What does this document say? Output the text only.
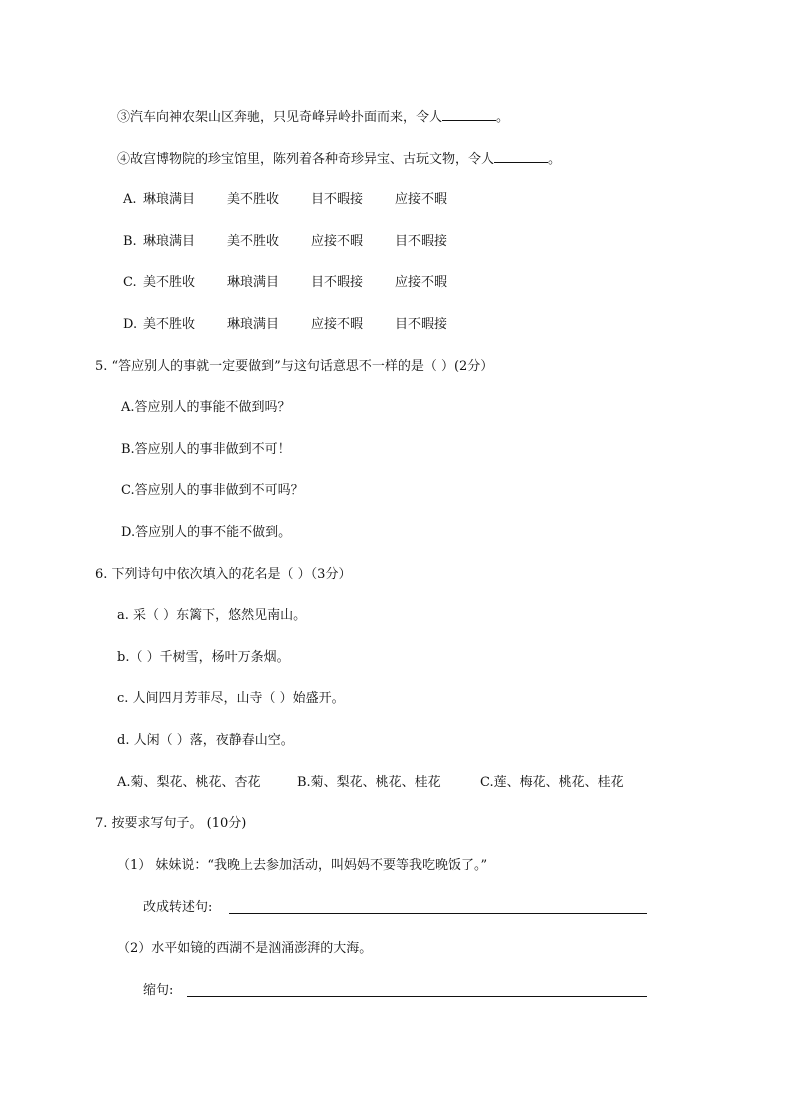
③汽车向神农架山区奔驰，只见奇峰异岭扑面而来，令人	。
④故宫博物院的珍宝馆里，陈列着各种奇珍异宝、古玩文物，令人	。
A. 琳琅满目 美不胜收 目不暇接 应接不暇
B. 琳琅满目 美不胜收 应接不暇 目不暇接
C. 美不胜收 琳琅满目 目不暇接 应接不暇
D. 美不胜收 琳琅满目 应接不暇 目不暇接
5. “答应别人的事就一定要做到”与这句话意思不一样的是（ ）(2分）
A.答应别人的事能不做到吗？
B.答应别人的事非做到不可！
C.答应别人的事非做到不可吗？
D.答应别人的事不能不做到。
6. 下列诗句中依次填入的花名是（ ）（3分）
a. 采（ ）东篱下，悠然见南山。
b.（ ）千树雪，杨叶万条烟。
c. 人间四月芳菲尽，山寺（ ）始盛开。
d. 人闲（ ）落，夜静春山空。
A.菊、梨花、桃花、杏花	B.菊、梨花、桃花、桂花	C.莲、梅花、桃花、桂花
7. 按要求写句子。 (10分)
（1） 妹妹说：“我晚上去参加活动，叫妈妈不要等我吃晚饭了。”
改成转述句:
（2）水平如镜的西湖不是汹涌澎湃的大海。
缩句:
